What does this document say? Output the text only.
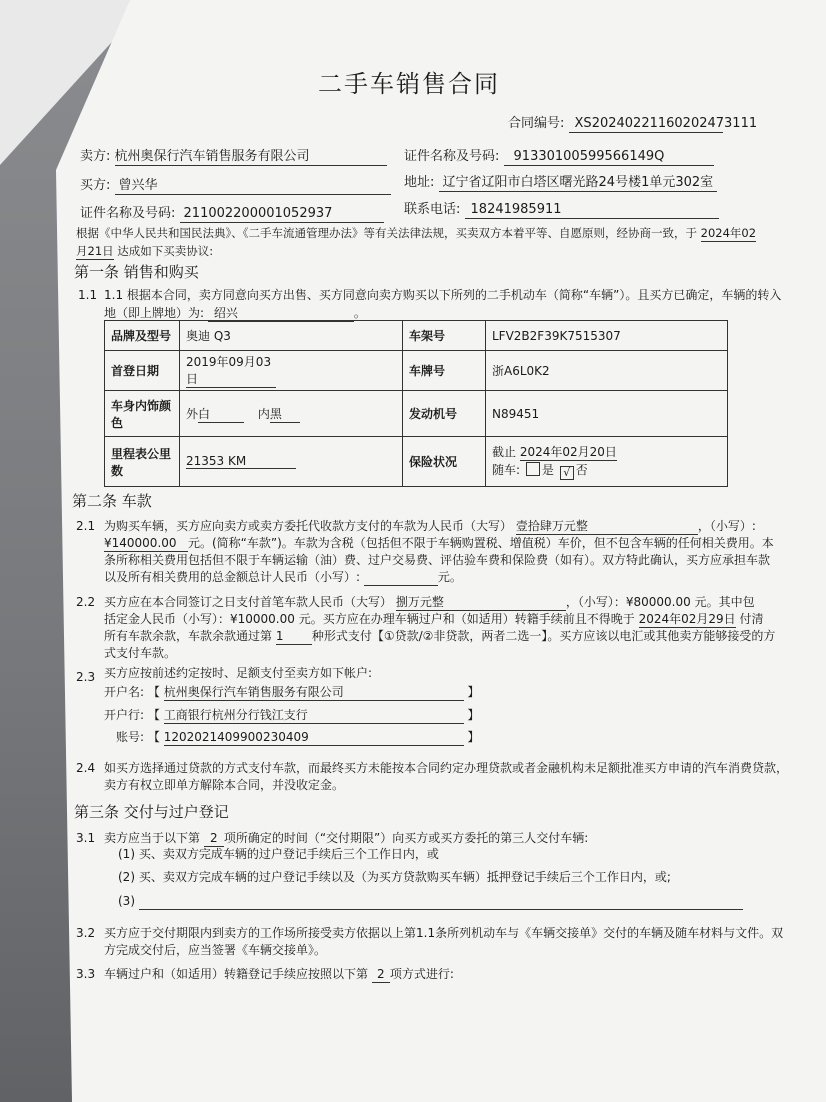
二手车销售合同
合同编号: XS20240221160202473111
卖方: 杭州奥保行汽车销售服务有限公司	证件名称及号码: 91330100599566149Q
买方: 曾兴华	地址: 辽宁省辽阳市白塔区曙光路24号楼1单元302室
证件名称及号码: 211002200001052937	联系电话: 18241985911
根据《中华人民共和国民法典》、《二手车流通管理办法》等有关法律法规，买卖双方本着平等、自愿原则，经协商一致，于 2024年02
月21日 达成如下买卖协议:
第一条 销售和购买
1.1 1.1 根据本合同，卖方同意向买方出售、买方同意向卖方购买以下所列的二手机动车（简称“车辆”）。且买方已确定，车辆的转入
地（即上牌地）为: 绍兴	。
品牌及型号	奥迪 Q3	车架号	LFV2B2F39K7515307
首登日期	2019年09月03日	车牌号	浙A6L0K2
车身内饰颜色	外白 内黑	发动机号	N89451
里程表公里数	21353 KM	保险状况	截止 2024年02月20日
随车: 是 √ 否
第二条 车款
2.1 为购买车辆，买方应向卖方或卖方委托代收款方支付的车款为人民币（大写） 壹拾肆万元整	，（小写）:
¥140000.00 元。(简称“车款”)。车款为含税（包括但不限于车辆购置税、增值税）车价，但不包含车辆的任何相关费用。本
条所称相关费用包括但不限于车辆运输（油）费、过户交易费、评估验车费和保险费（如有）。双方特此确认，买方应承担车款
以及所有相关费用的总金额总计人民币（小写）:	元。
2.2 买方应在本合同签订之日支付首笔车款人民币（大写） 捌万元整	，（小写）：¥80000.00 元。其中包
括定金人民币（小写）：¥10000.00 元。买方应在办理车辆过户和（如适用）转籍手续前且不得晚于 2024年02月29日 付清
所有车款余款，车款余款通过第 1 种形式支付【①贷款/②非贷款，两者二选一】。买方应该以电汇或其他卖方能够接受的方
式支付车款。
2.3 买方应按前述约定按时、足额支付至卖方如下帐户:
开户名: 【 杭州奥保行汽车销售服务有限公司	】
开户行: 【 工商银行杭州分行钱江支行	】
账号: 【 1202021409900230409	】
2.4 如买方选择通过贷款的方式支付车款，而最终买方未能按本合同约定办理贷款或者金融机构未足额批准买方申请的汽车消费贷款，
卖方有权立即单方解除本合同，并没收定金。
第三条 交付与过户登记
3.1 卖方应当于以下第 2 项所确定的时间（“交付期限”）向买方或买方委托的第三人交付车辆:
(1) 买、卖双方完成车辆的过户登记手续后三个工作日内，或
(2) 买、卖双方完成车辆的过户登记手续以及（为买方贷款购买车辆）抵押登记手续后三个工作日内，或;
(3)
3.2 买方应于交付期限内到卖方的工作场所接受卖方依据以上第1.1条所列机动车与《车辆交接单》交付的车辆及随车材料与文件。双
方完成交付后，应当签署《车辆交接单》。
3.3 车辆过户和（如适用）转籍登记手续应按照以下第 2 项方式进行:
